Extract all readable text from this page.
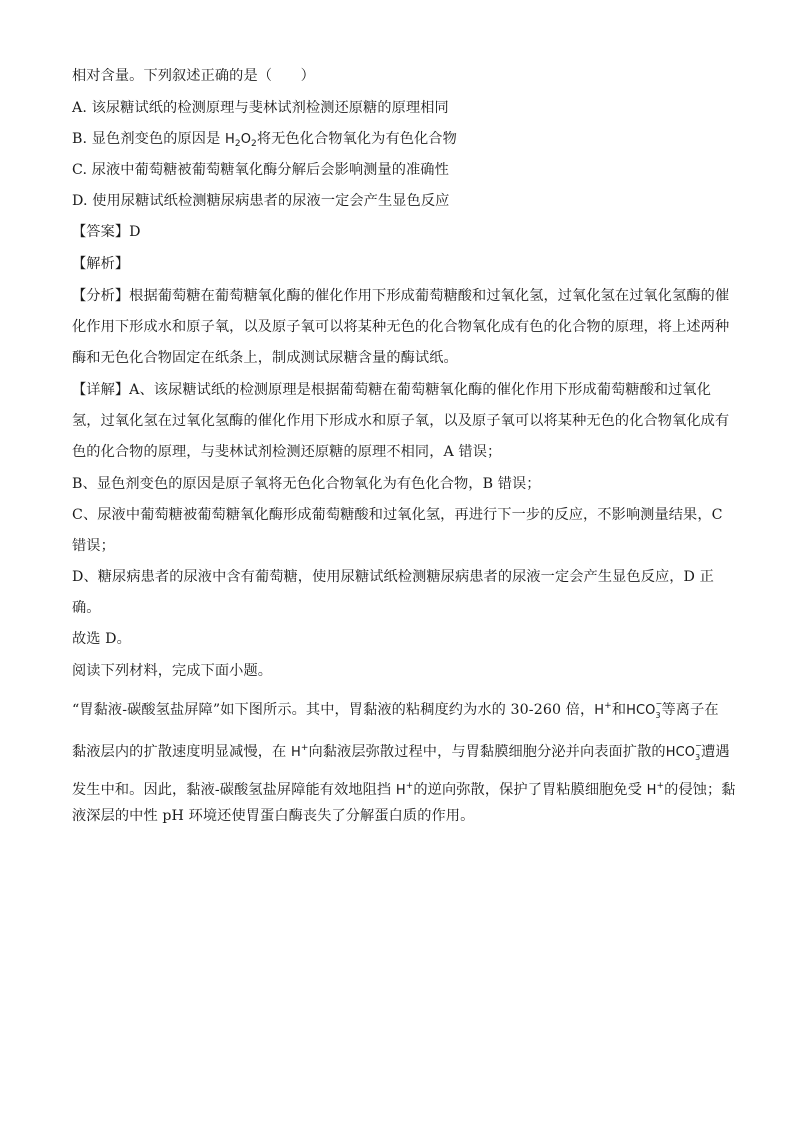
相对含量。下列叙述正确的是（　　）
A. 该尿糖试纸的检测原理与斐林试剂检测还原糖的原理相同
B. 显色剂变色的原因是 $H_2O_2$将无色化合物氧化为有色化合物
C. 尿液中葡萄糖被葡萄糖氧化酶分解后会影响测量的准确性
D. 使用尿糖试纸检测糖尿病患者的尿液一定会产生显色反应
【答案】D
【解析】
【分析】根据葡萄糖在葡萄糖氧化酶的催化作用下形成葡萄糖酸和过氧化氢，过氧化氢在过氧化氢酶的催
化作用下形成水和原子氧，以及原子氧可以将某种无色的化合物氧化成有色的化合物的原理，将上述两种
酶和无色化合物固定在纸条上，制成测试尿糖含量的酶试纸。
【详解】A、该尿糖试纸的检测原理是根据葡萄糖在葡萄糖氧化酶的催化作用下形成葡萄糖酸和过氧化
氢，过氧化氢在过氧化氢酶的催化作用下形成水和原子氧，以及原子氧可以将某种无色的化合物氧化成有
色的化合物的原理，与斐林试剂检测还原糖的原理不相同，A 错误；
B、显色剂变色的原因是原子氧将无色化合物氧化为有色化合物，B 错误；
C、尿液中葡萄糖被葡萄糖氧化酶形成葡萄糖酸和过氧化氢，再进行下一步的反应，不影响测量结果，C
错误；
D、糖尿病患者的尿液中含有葡萄糖，使用尿糖试纸检测糖尿病患者的尿液一定会产生显色反应，D 正
确。
故选 D。
阅读下列材料，完成下面小题。
“胃黏液-碳酸氢盐屏障”如下图所示。其中，胃黏液的粘稠度约为水的 30-260 倍，H+和HCO −
3 等离子在
黏液层内的扩散速度明显减慢，在 H+向黏液层弥散过程中，与胃黏膜细胞分泌并向表面扩散的HCO −
3 遭遇
发生中和。因此，黏液-碳酸氢盐屏障能有效地阻挡 H+的逆向弥散，保护了胃粘膜细胞免受 H+的侵蚀；黏
液深层的中性 pH 环境还使胃蛋白酶丧失了分解蛋白质的作用。
